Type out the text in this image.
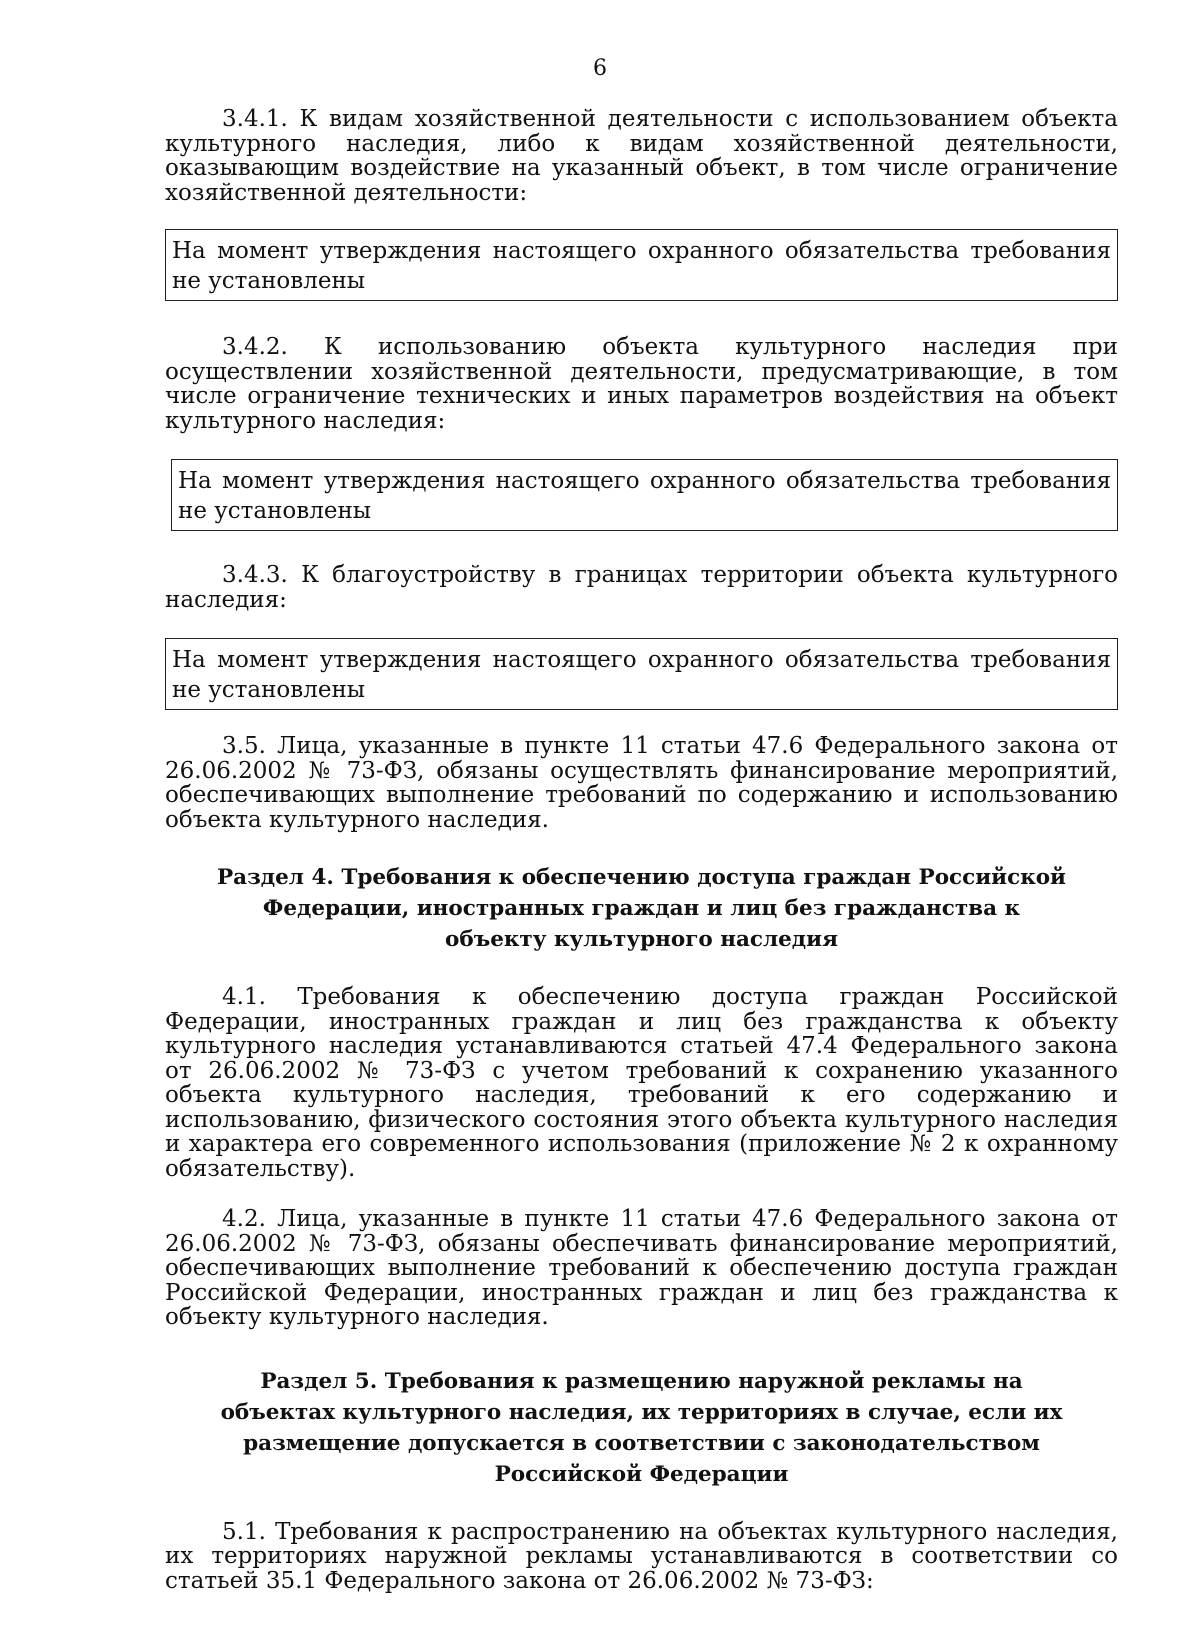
6

3.4.1. К видам хозяйственной деятельности с использованием объекта культурного наследия, либо к видам хозяйственной деятельности, оказывающим воздействие на указанный объект, в том числе ограничение хозяйственной деятельности:

На момент утверждения настоящего охранного обязательства требования не установлены

3.4.2. К использованию объекта культурного наследия при осуществлении хозяйственной деятельности, предусматривающие, в том числе ограничение технических и иных параметров воздействия на объект культурного наследия:

На момент утверждения настоящего охранного обязательства требования не установлены

3.4.3. К благоустройству в границах территории объекта культурного наследия:

На момент утверждения настоящего охранного обязательства требования не установлены

3.5. Лица, указанные в пункте 11 статьи 47.6 Федерального закона от 26.06.2002 № 73-ФЗ, обязаны осуществлять финансирование мероприятий, обеспечивающих выполнение требований по содержанию и использованию объекта культурного наследия.

Раздел 4. Требования к обеспечению доступа граждан Российской Федерации, иностранных граждан и лиц без гражданства к объекту культурного наследия

4.1. Требования к обеспечению доступа граждан Российской Федерации, иностранных граждан и лиц без гражданства к объекту культурного наследия устанавливаются статьей 47.4 Федерального закона от 26.06.2002 № 73-ФЗ с учетом требований к сохранению указанного объекта культурного наследия, требований к его содержанию и использованию, физического состояния этого объекта культурного наследия и характера его современного использования (приложение № 2 к охранному обязательству).

4.2. Лица, указанные в пункте 11 статьи 47.6 Федерального закона от 26.06.2002 № 73-ФЗ, обязаны обеспечивать финансирование мероприятий, обеспечивающих выполнение требований к обеспечению доступа граждан Российской Федерации, иностранных граждан и лиц без гражданства к объекту культурного наследия.

Раздел 5. Требования к размещению наружной рекламы на объектах культурного наследия, их территориях в случае, если их размещение допускается в соответствии с законодательством Российской Федерации

5.1. Требования к распространению на объектах культурного наследия, их территориях наружной рекламы устанавливаются в соответствии со статьей 35.1 Федерального закона от 26.06.2002 № 73-ФЗ:
